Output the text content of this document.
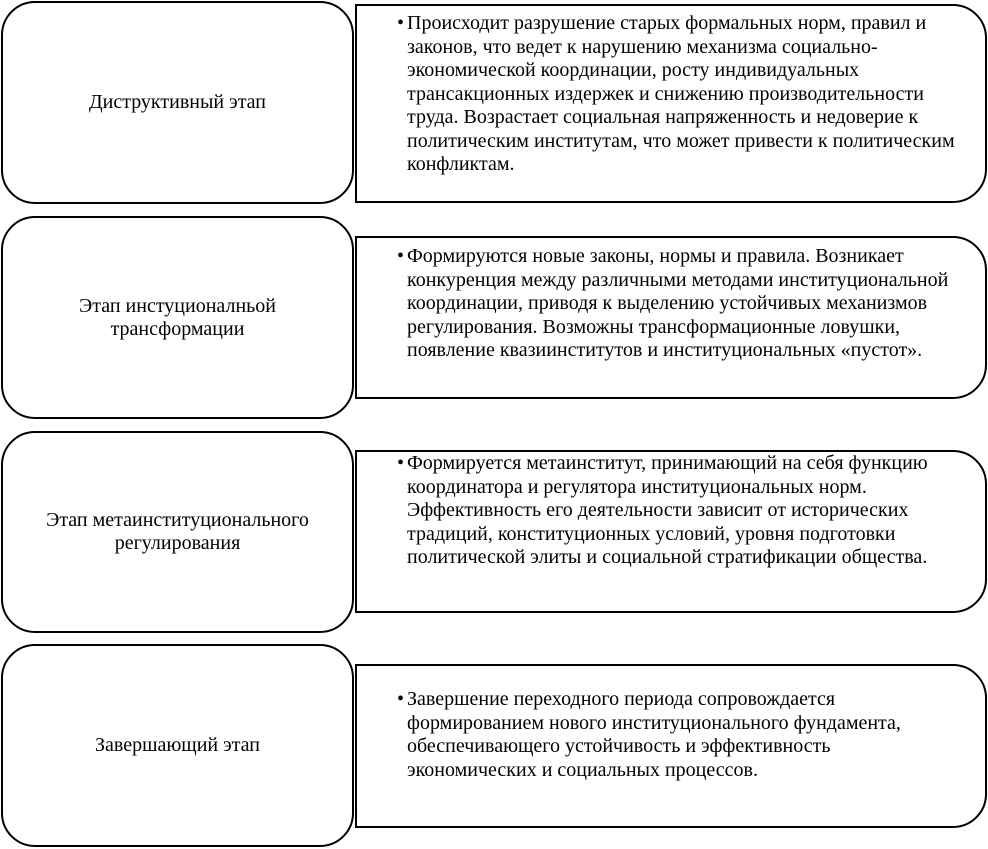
Диструктивный этап
• Происходит разрушение старых формальных норм, правил и законов, что ведет к нарушению механизма социально-экономической координации, росту индивидуальных трансакционных издержек и снижению производительности труда. Возрастает социальная напряженность и недоверие к политическим институтам, что может привести к политическим конфликтам.
Этап инстуционалньой трансформации
• Формируются новые законы, нормы и правила. Возникает конкуренция между различными методами институциональной координации, приводя к выделению устойчивых механизмов регулирования. Возможны трансформационные ловушки, появление квазиинститутов и институциональных «пустот».
Этап метаинституционального регулирования
• Формируется метаинститут, принимающий на себя функцию координатора и регулятора институциональных норм. Эффективность его деятельности зависит от исторических традиций, конституционных условий, уровня подготовки политической элиты и социальной стратификации общества.
Завершающий этап
• Завершение переходного периода сопровождается формированием нового институционального фундамента, обеспечивающего устойчивость и эффективность экономических и социальных процессов.
